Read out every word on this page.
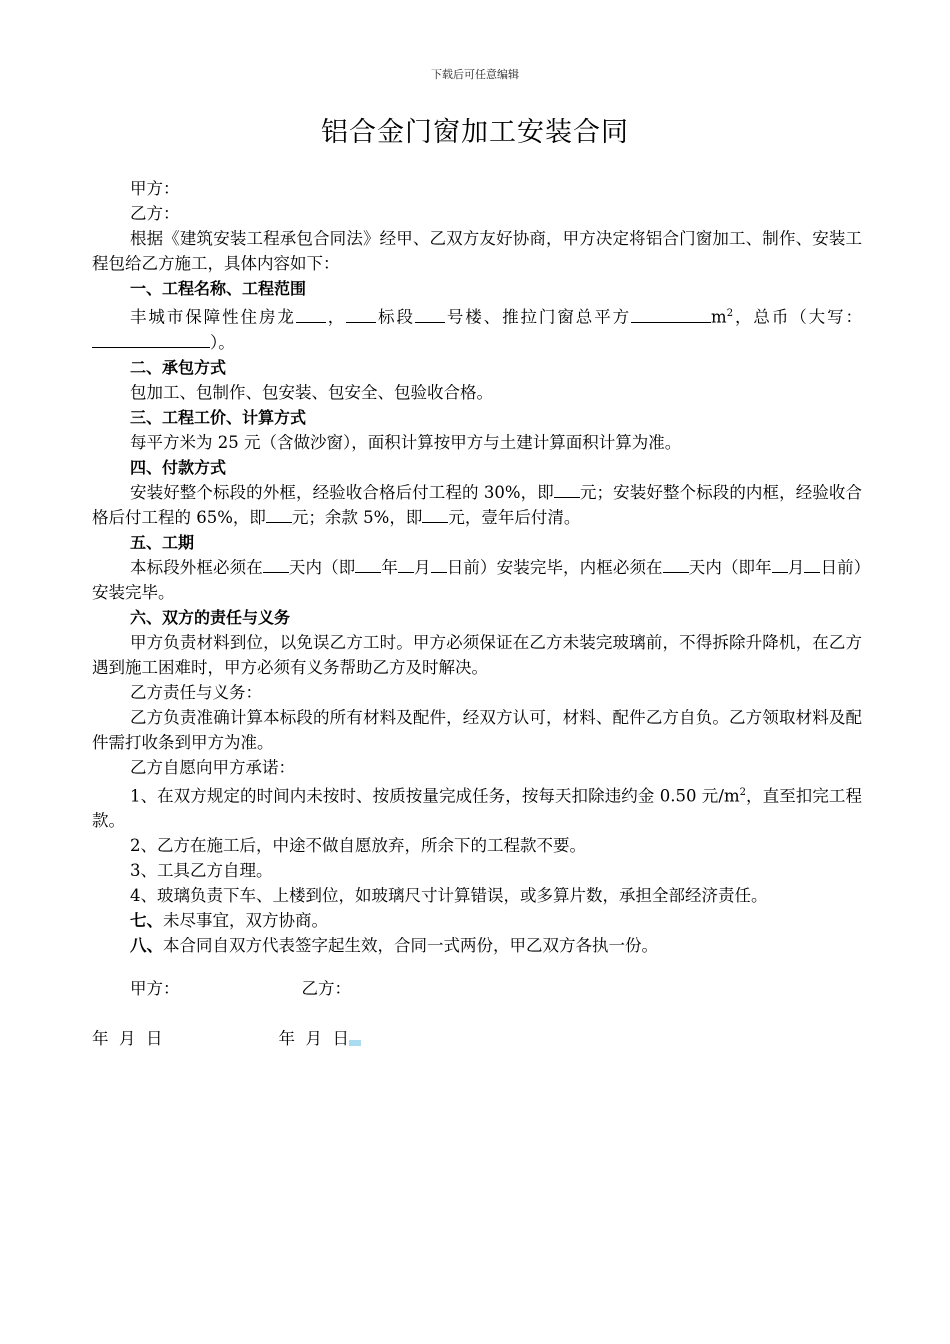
下载后可任意编辑
铝合金门窗加工安装合同

甲方：

乙方：

根据《建筑安装工程承包合同法》经甲、乙双方友好协商，甲方决定将铝合门窗加工、制作、安装工程包给乙方施工，具体内容如下：

一、工程名称、工程范围

丰城市保障性住房龙 ， 标段 号楼、推拉门窗总平方	$m^2$，总币（大写：）。

二、承包方式

包加工、包制作、包安装、包安全、包验收合格。

三、工程工价、计算方式

每平方米为 25 元（含做沙窗），面积计算按甲方与土建计算面积计算为准。

四、付款方式

安装好整个标段的外框，经验收合格后付工程的 30%，即 元；安装好整个标段的内框，经验收合格后付工程的 65%，即 元；余款 5%，即 元，壹年后付清。

五、工期

本标段外框必须在 天内（即 年 月 日前）安装完毕，内框必须在 天内（即年 月 日前）安装完毕。

六、双方的责任与义务

甲方负责材料到位，以免误乙方工时。甲方必须保证在乙方未装完玻璃前，不得拆除升降机，在乙方遇到施工困难时，甲方必须有义务帮助乙方及时解决。

乙方责任与义务：

乙方负责准确计算本标段的所有材料及配件，经双方认可，材料、配件乙方自负。乙方领取材料及配件需打收条到甲方为准。

乙方自愿向甲方承诺：

1、在双方规定的时间内未按时、按质按量完成任务，按每天扣除违约金 0.50 元$/m^2$，直至扣完工程款。

2、乙方在施工后，中途不做自愿放弃，所余下的工程款不要。

3、工具乙方自理。

4、玻璃负责下车、上楼到位，如玻璃尺寸计算错误，或多算片数，承担全部经济责任。

七、未尽事宜，双方协商。

八、本合同自双方代表签字起生效，合同一式两份，甲乙双方各执一份。

甲方：	乙方：
年  月  日	年  月  日
